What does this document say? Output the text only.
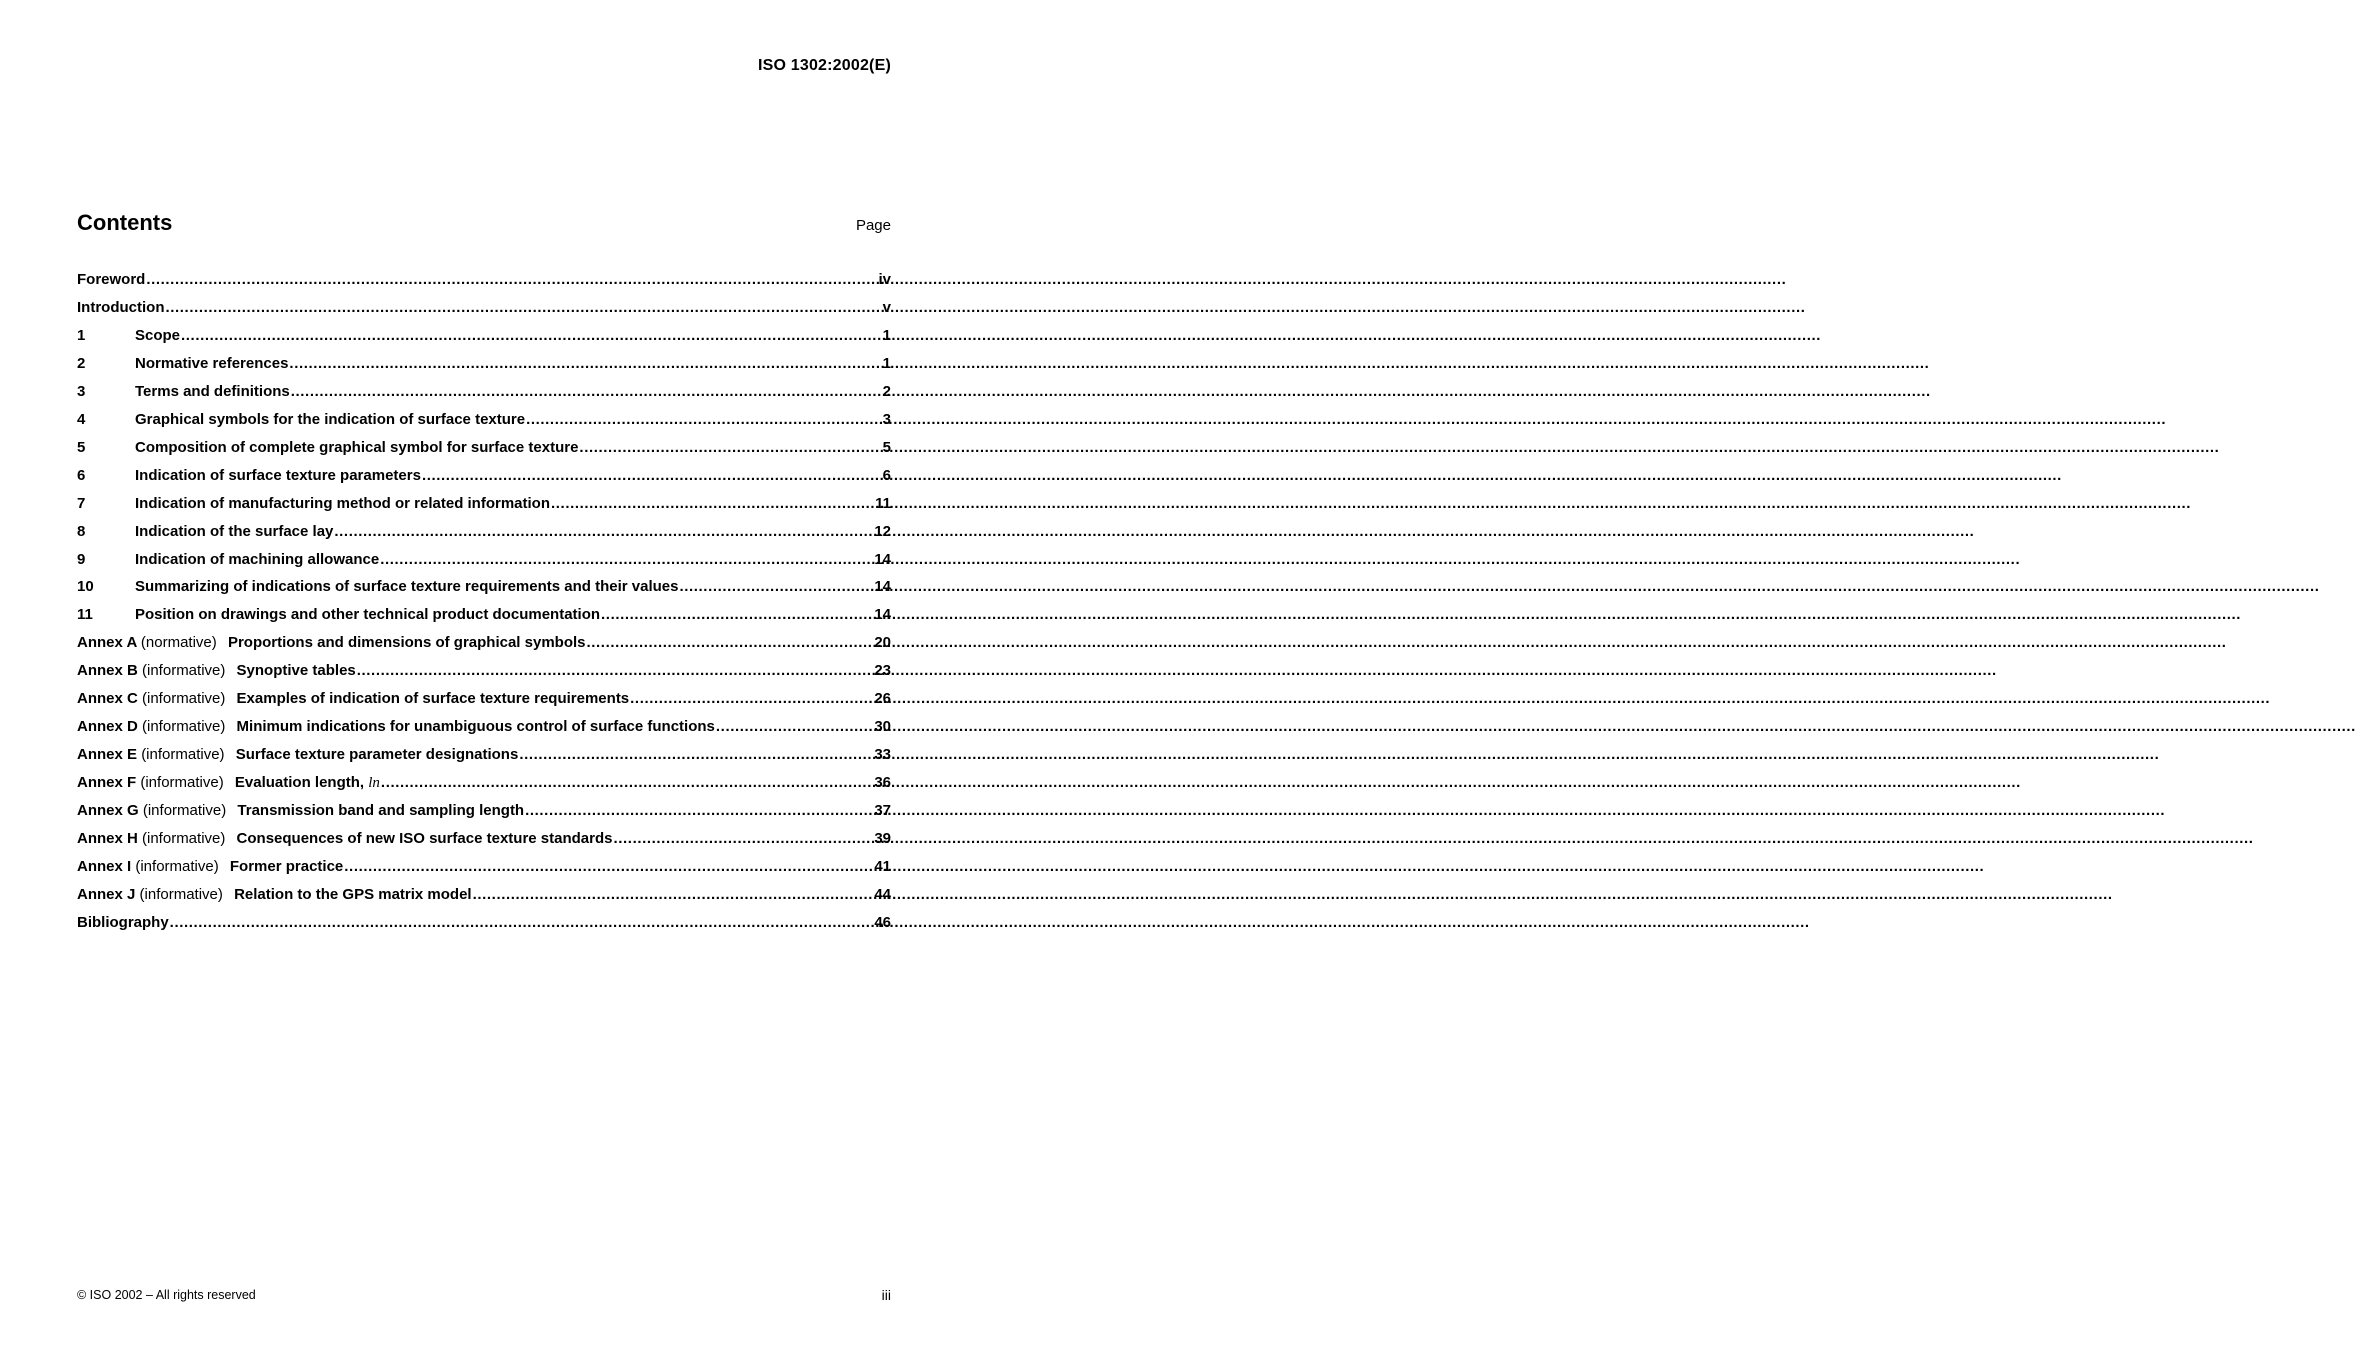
ISO 1302:2002(E)
Contents	Page
Foreword .....	iv
Introduction .....	v
1	Scope .....	1
2	Normative references .....	1
3	Terms and definitions .....	2
4	Graphical symbols for the indication of surface texture .....	3
5	Composition of complete graphical symbol for surface texture .....	5
6	Indication of surface texture parameters .....	6
7	Indication of manufacturing method or related information .....	11
8	Indication of the surface lay .....	12
9	Indication of machining allowance .....	14
10	Summarizing of indications of surface texture requirements and their values .....	14
11	Position on drawings and other technical product documentation .....	14
Annex A (normative) Proportions and dimensions of graphical symbols .....	20
Annex B (informative) Synoptive tables .....	23
Annex C (informative) Examples of indication of surface texture requirements .....	26
Annex D (informative) Minimum indications for unambiguous control of surface functions .....	30
Annex E (informative) Surface texture parameter designations .....	33
Annex F (informative) Evaluation length, ln .....	36
Annex G (informative) Transmission band and sampling length .....	37
Annex H (informative) Consequences of new ISO surface texture standards .....	39
Annex I (informative) Former practice .....	41
Annex J (informative) Relation to the GPS matrix model .....	44
Bibliography .....	46
© ISO 2002 – All rights reserved	iii
